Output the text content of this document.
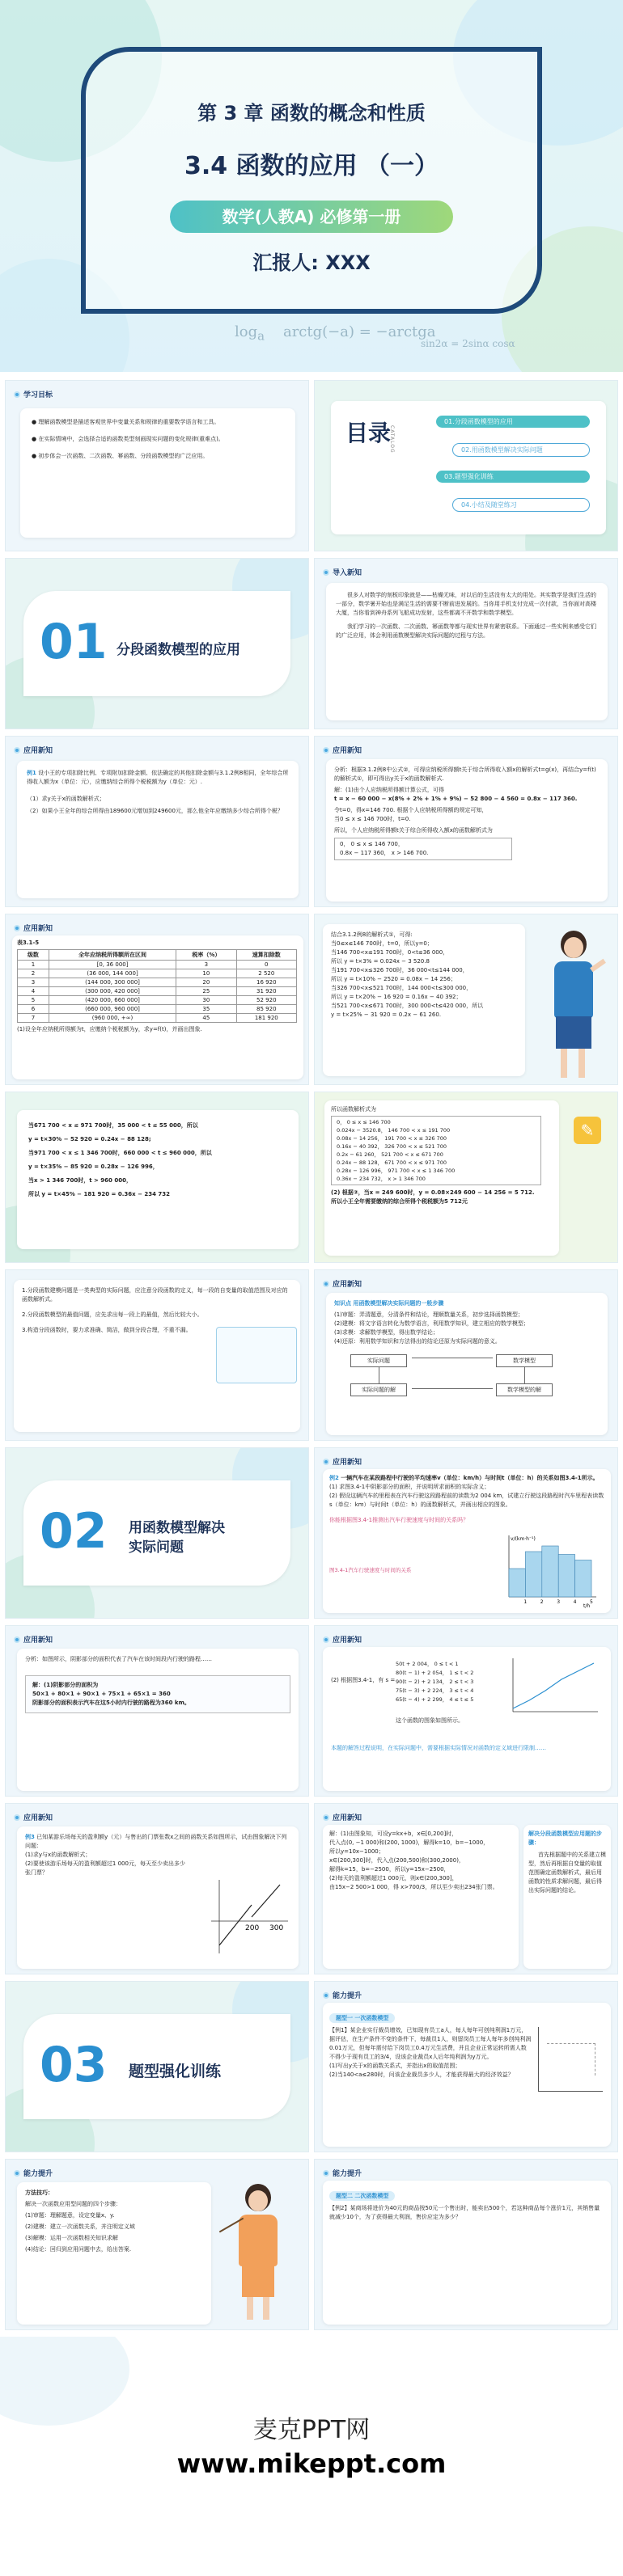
第 3 章 函数的概念和性质
3.4 函数的应用 （一）
数学(人教A) 必修第一册
汇报人: XXX
$\log_a$    arctg(−a) = −arctga
sin2α = 2sinα cosα
学习目标
● 理解函数模型是描述客观世界中变量关系和规律的重要数学语言和工具。
● 在实际情境中，会选择合适的函数类型刻画现实问题的变化规律(重难点)。
● 初步体会一次函数、二次函数、幂函数、分段函数模型的广泛应用。
目录
CATALOG
01.分段函数模型的应用
02.用函数模型解决实际问题
03.题型强化训练
04.小结及随堂练习
01 分段函数模型的应用
导入新知
很多人对数学的刻板印象就是——枯燥无味，对以后的生活没有太大的用处。其实数学是我们生活的一部分，数学暑开始也是满足生活的需要不断前进发展的。当你用手机支付完成一次付款，当你面对高楼大厦，当你看到神舟系列飞船成功发射，这些都离不开数学和数学模型。
我们学习的一次函数、二次函数、幂函数等都与现实世界有紧密联系。下面通过一些实例来感受它们的广泛应用，体会利用函数模型解决实际问题的过程与方法。
应用新知
例1 设小王的专项扣除比例、专项附加扣除金额、依法确定的其他扣除金额与3.1.2例8相同，全年综合所得收入额为x（单位：元），应缴纳综合所得个税税额为y（单位：元）.
（1）求y关于x的函数解析式；
（2）如果小王全年的综合所得由189600元增加到249600元，那么他全年应缴纳多少综合所得个税？
应用新知
分析：根据3.1.2例8中公式②，可得应纳税所得额t关于综合所得收入额x的解析式t=g(x)，再结合y=f(t)的解析式①，即可得出y关于x的函数解析式.
解：(1)由个人应纳税所得额计算公式，可得
t = x − 60 000 − x(8% + 2% + 1% + 9%) − 52 800 − 4 560 = 0.8x − 117 360.
令t=0，得x=146 700. 根据个人应纳税所得额的规定可知，
当0 ≤ x ≤ 146 700时，t=0.
所以，个人应纳税所得额t关于综合所得收入额x的函数解析式为
0， 0 ≤ x ≤ 146 700，
0.8x − 117 360， x > 146 700.
应用新知
表3.1-5
级数	全年应纳税所得额所在区间	税率（%）	速算扣除数
1	[0, 36 000]	3	0
2	(36 000, 144 000]	10	2 520
3	(144 000, 300 000]	20	16 920
4	(300 000, 420 000]	25	31 920
5	(420 000, 660 000]	30	52 920
6	(660 000, 960 000]	35	85 920
7	(960 000, +∞)	45	181 920
(1)设全年应纳税所得额为t，应缴纳个税税额为y，求y=f(t)，并画出图象.
结合3.1.2例8的解析式①，可得:
当0≤x≤146 700时，t=0，所以y=0；
当146 700<x≤191 700时，0<t≤36 000，
所以 y = t×3% = 0.024x − 3 520.8
当191 700<x≤326 700时，36 000<t≤144 000，
所以 y = t×10% − 2520 = 0.08x − 14 256；
当326 700<x≤521 700时，144 000<t≤300 000，
所以 y = t×20% − 16 920 = 0.16x − 40 392；
当521 700<x≤671 700时，300 000<t≤420 000，所以
y = t×25% − 31 920 = 0.2x − 61 260.
当671 700 < x ≤ 971 700时，35 000 < t ≤ 55 000，所以
y = t×30% − 52 920 = 0.24x − 88 128;
当971 700 < x ≤ 1 346 700时，660 000 < t ≤ 960 000，所以
y = t×35% − 85 920 = 0.28x − 126 996，
当x > 1 346 700时，t > 960 000，
所以 y = t×45% − 181 920 = 0.36x − 234 732
所以函数解析式为
0， 0 ≤ x ≤ 146 700
0.024x − 3520.8， 146 700 < x ≤ 191 700
0.08x − 14 256， 191 700 < x ≤ 326 700
0.16x − 40 392， 326 700 < x ≤ 521 700
0.2x − 61 260， 521 700 < x ≤ 671 700
0.24x − 88 128， 671 700 < x ≤ 971 700
0.28x − 126 996， 971 700 < x ≤ 1 346 700
0.36x − 234 732， x > 1 346 700
(2) 根据②，当x = 249 600时，y = 0.08×249 600 − 14 256 = 5 712.
所以小王全年需要缴纳的综合所得个税税额为5 712元
✎
1.分段函数建模问题是一类典型的实际问题，应注意分段函数的定义，每一段的自变量的取值范围及对应的函数解析式。
2.分段函数模型的最值问题，应先求出每一段上的最值，然后比较大小。
3.构造分段函数时，要力求准确、简洁，做到分段合理，不重不漏。
应用新知
知识点 用函数模型解决实际问题的一般步骤
(1)审题：弄清题意，分清条件和结论，理顺数量关系，初步选择函数模型；
(2)建模：将文字语言转化为数学语言，利用数学知识，建立相应的数学模型；
(3)求模：求解数学模型，得出数学结论；
(4)还原：利用数学知识和方法得出的结论还原为实际问题的意义。
实际问题	数学模型
实际问题的解	数学模型的解
02 用函数模型解决
实际问题
应用新知
例2 一辆汽车在某段路程中行驶的平均速率v（单位：km/h）与时间t（单位：h）的关系如图3.4-1所示。
(1) 求图3.4-1中阴影部分的面积，并说明所求面积的实际含义；
(2) 假设这辆汽车的里程表在汽车行驶这段路程前的读数为2 004 km，试建立行驶这段路程时汽车里程表读数s（单位：km）与时间t（单位：h）的函数解析式，并画出相应的图象。
你能根据图3.4-1推测出汽车行驶速度与时间的关系吗？
图3.4-1汽车行驶速度与时间的关系
1	2	3	4	5
t/h
v/(km·h⁻¹)
应用新知
分析：如图所示，阴影部分的面积代表了汽车在该时间段内行驶的路程……
解：(1)阴影部分的面积为
50×1 + 80×1 + 90×1 + 75×1 + 65×1 = 360
阴影部分的面积表示汽车在这5小时内行驶的路程为360 km。
应用新知
(2) 根据图3.4-1，有 s =
50t + 2 004， 0 ≤ t < 1
80(t − 1) + 2 054， 1 ≤ t < 2
90(t − 2) + 2 134， 2 ≤ t < 3
75(t − 3) + 2 224， 3 ≤ t < 4
65(t − 4) + 2 299， 4 ≤ t ≤ 5
这个函数的图象如图所示。
本题的解答过程说明，在实际问题中，需要根据实际情况对函数的定义域进行限制……
应用新知
例3 已知某游乐场每天的盈利额y（元）与售出的门票张数x之间的函数关系如图所示，试由图象解决下列问题：
(1)求y与x的函数解析式；
(2)要使该游乐场每天的盈利额超过1 000元，每天至少卖出多少张门票？
200 300
应用新知
解：(1)由图象知，可设y=kx+b，x∈[0,200]时，
代入点(0, −1 000)和(200, 1000)，解得k=10，b=−1000，
所以y=10x−1000；
x∈(200,300]时，代入点(200,500)和(300,2000)，
解得k=15，b=−2500，所以y=15x−2500，
(2)每天的盈利额超过1 000元，则x∈(200,300]，
由15x−2 500>1 000，得 x>700/3，所以至少卖出234张门票。
解决分段函数模型应用题的步骤：
首先根据题中的关系建立模型，然后再根据自变量的取值范围确定函数解析式，最后用函数的性质求解问题，最后得出实际问题的结论。
03 题型强化训练
能力提升
题型一 一次函数模型
【例1】某企业实行裁员增效，已知现有员工a人，每人每年可创纯利润1万元，据评估，在生产条件不变的条件下，每裁员1人，则留岗员工每人每年多创纯利润0.01万元，但每年需付给下岗员工0.4万元生活费，并且企业正常运转所需人数不得少于现有员工的3/4，设该企业裁员x人后年纯利润为y万元。
(1)写出y关于x的函数关系式，并指出x的取值范围；
(2)当140<a≤280时，问该企业裁员多少人，才能获得最大的经济效益？
能力提升
方法技巧：
解决一次函数应用型问题的四个步骤：
(1)审题：理解题意，设定变量x、y.
(2)建模：建立一次函数关系，并注明定义域
(3)解模：运用一次函数相关知识求解
(4)结论：回归到应用问题中去，给出答案.
能力提升
题型二 二次函数模型
【例2】某商场将进价为40元的商品按50元一个售出时，能卖出500个，若这种商品每个涨价1元，其销售量就减少10个，为了获得最大利润，售价应定为多少？
麦克PPT网
www.mikeppt.com
